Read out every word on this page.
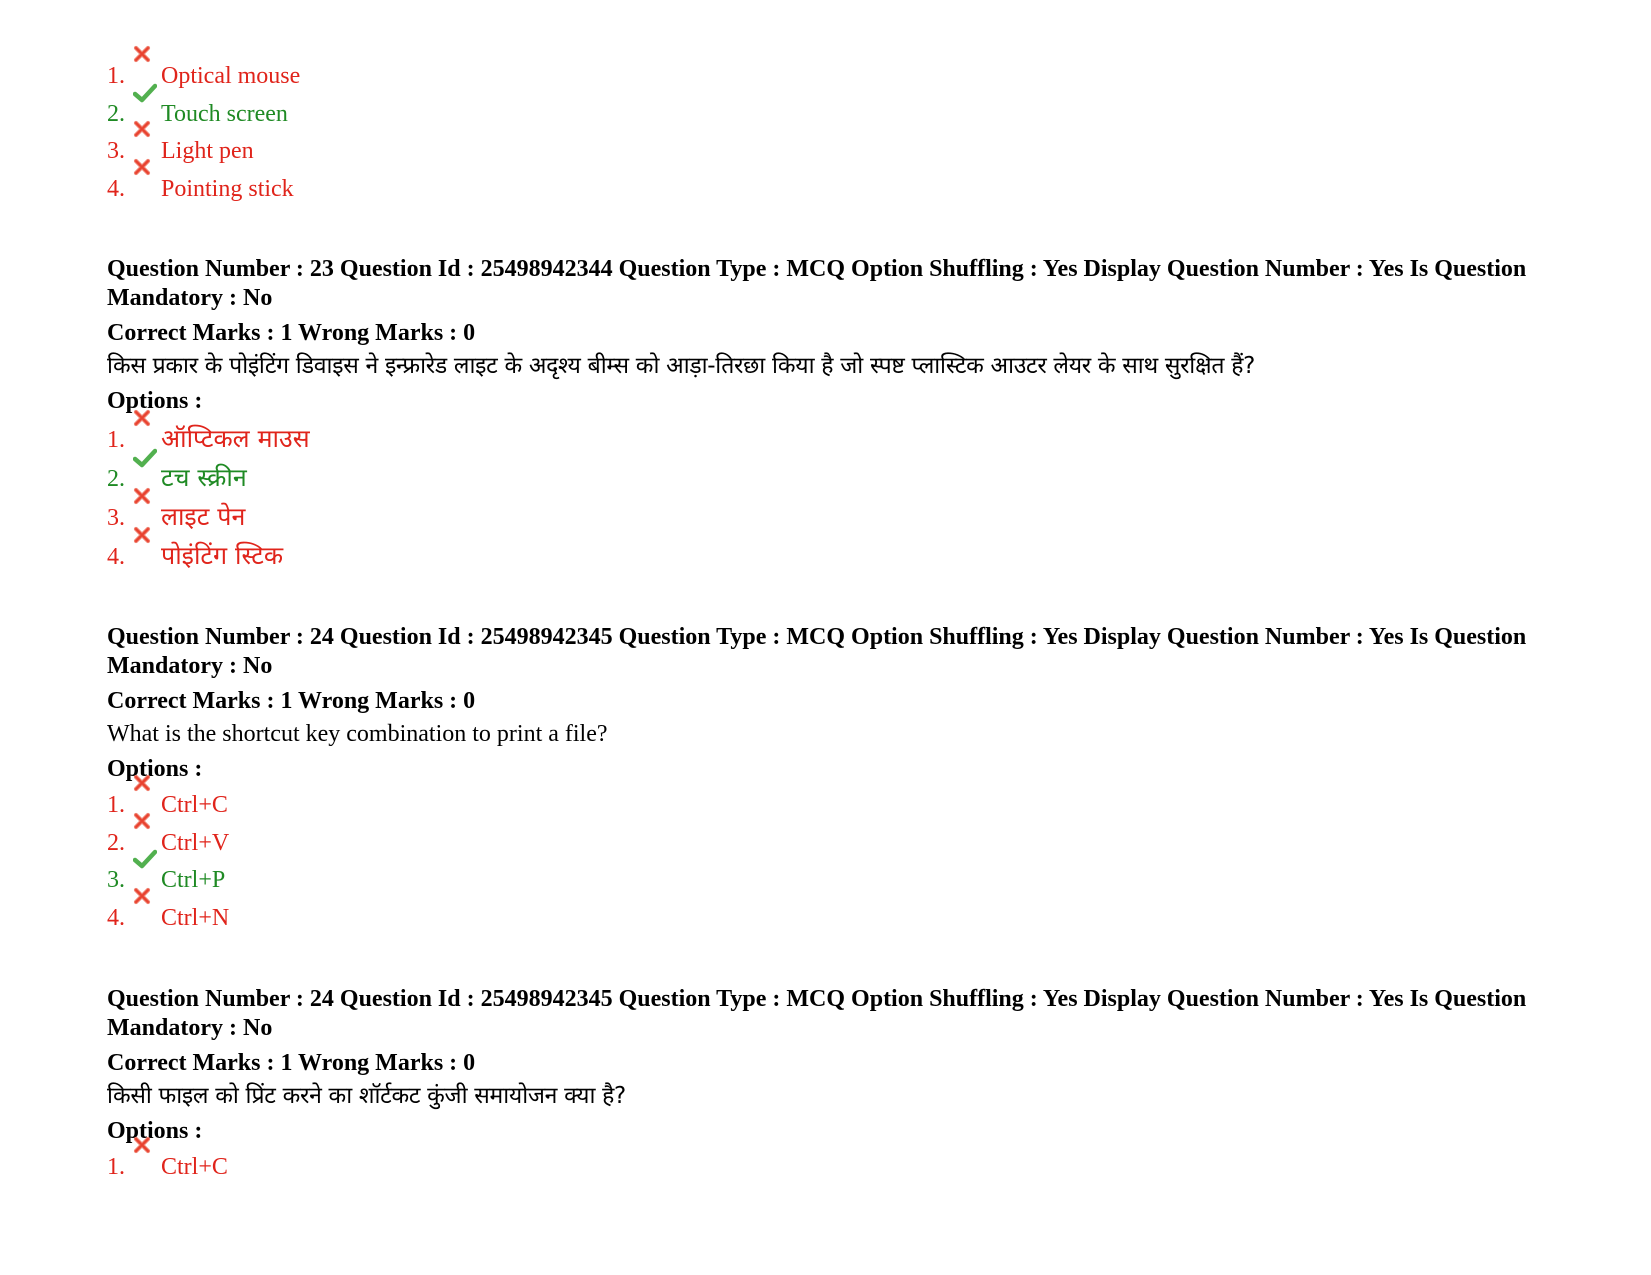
1.	Optical mouse
2.	Touch screen
3.	Light pen
4.	Pointing stick
Question Number : 23 Question Id : 25498942344 Question Type : MCQ Option Shuffling : Yes Display Question Number : Yes Is Question Mandatory : No
Correct Marks : 1 Wrong Marks : 0
किस प्रकार के पोइंटिंग डिवाइस ने इन्फ्रारेड लाइट के अदृश्य बीम्स को आड़ा-तिरछा किया है जो स्पष्ट प्लास्टिक आउटर लेयर के साथ सुरक्षित हैं?
Options :
1.	ऑप्टिकल माउस
2.	टच स्क्रीन
3.	लाइट पेन
4.	पोइंटिंग स्टिक
Question Number : 24 Question Id : 25498942345 Question Type : MCQ Option Shuffling : Yes Display Question Number : Yes Is Question Mandatory : No
Correct Marks : 1 Wrong Marks : 0
What is the shortcut key combination to print a file?
Options :
1.	Ctrl+C
2.	Ctrl+V
3.	Ctrl+P
4.	Ctrl+N
Question Number : 24 Question Id : 25498942345 Question Type : MCQ Option Shuffling : Yes Display Question Number : Yes Is Question Mandatory : No
Correct Marks : 1 Wrong Marks : 0
किसी फाइल को प्रिंट करने का शॉर्टकट कुंजी समायोजन क्या है?
Options :
1.	Ctrl+C
